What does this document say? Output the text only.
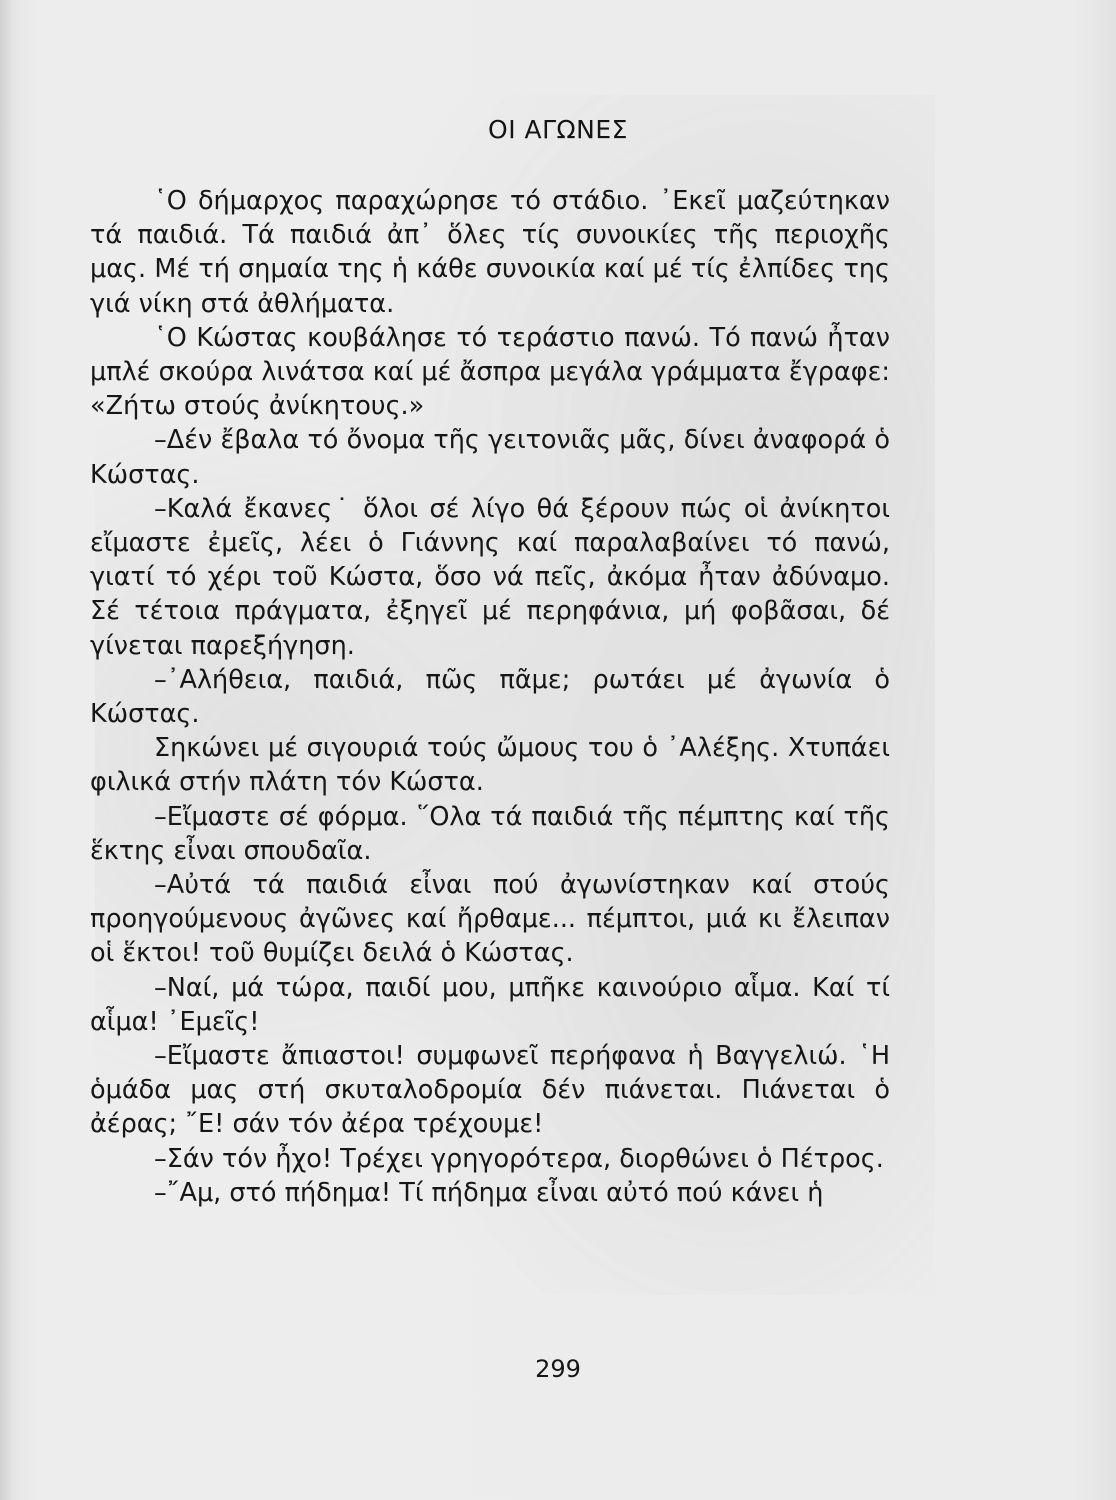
ΟΙ ΑΓΩΝΕΣ

῾Ο δήμαρχος παραχώρησε τό στάδιο. ᾿Εκεῖ μαζεύτηκαν τά παιδιά. Τά παιδιά ἀπ᾿ ὅλες τίς συνοικίες τῆς περιοχῆς μας. Μέ τή σημαία της ἡ κάθε συνοικία καί μέ τίς ἐλπίδες της γιά νίκη στά ἀθλήματα.

῾Ο Κώστας κουβάλησε τό τεράστιο πανώ. Τό πανώ ἦταν μπλέ σκούρα λινάτσα καί μέ ἄσπρα μεγάλα γράμματα ἔγραφε: «Ζήτω στούς ἀνίκητους.»

–Δέν ἔβαλα τό ὄνομα τῆς γειτονιᾶς μᾶς, δίνει ἀναφορά ὁ Κώστας.

–Καλά ἔκανες˙ ὅλοι σέ λίγο θά ξέρουν πώς οἱ ἀνίκητοι εἴμαστε ἐμεῖς, λέει ὁ Γιάννης καί παραλαβαίνει τό πανώ, γιατί τό χέρι τοῦ Κώστα, ὅσο νά πεῖς, ἀκόμα ἦταν ἀδύναμο. Σέ τέτοια πράγματα, ἐξηγεῖ μέ περηφάνια, μή φοβᾶσαι, δέ γίνεται παρεξήγηση.

–᾿Αλήθεια, παιδιά, πῶς πᾶμε; ρωτάει μέ ἀγωνία ὁ Κώστας.

Σηκώνει μέ σιγουριά τούς ὤμους του ὁ ᾿Αλέξης. Χτυπάει φιλικά στήν πλάτη τόν Κώστα.

–Εἴμαστε σέ φόρμα. ῞Ολα τά παιδιά τῆς πέμπτης καί τῆς ἕκτης εἶναι σπουδαῖα.

–Αὐτά τά παιδιά εἶναι πού ἀγωνίστηκαν καί στούς προηγούμενους ἀγῶνες καί ἤρθαμε... πέμπτοι, μιά κι ἔλειπαν οἱ ἕκτοι! τοῦ θυμίζει δειλά ὁ Κώστας.

–Ναί, μά τώρα, παιδί μου, μπῆκε καινούριο αἷμα. Καί τί αἷμα! ᾿Εμεῖς!

–Εἴμαστε ἄπιαστοι! συμφωνεῖ περήφανα ἡ Βαγγελιώ. ῾Η ὁμάδα μας στή σκυταλοδρομία δέν πιάνεται. Πιάνεται ὁ ἀέρας; ῎Ε! σάν τόν ἀέρα τρέχουμε!

–Σάν τόν ἦχο! Τρέχει γρηγορότερα, διορθώνει ὁ Πέτρος.

–῎Αμ, στό πήδημα! Τί πήδημα εἶναι αὐτό πού κάνει ἡ

299
